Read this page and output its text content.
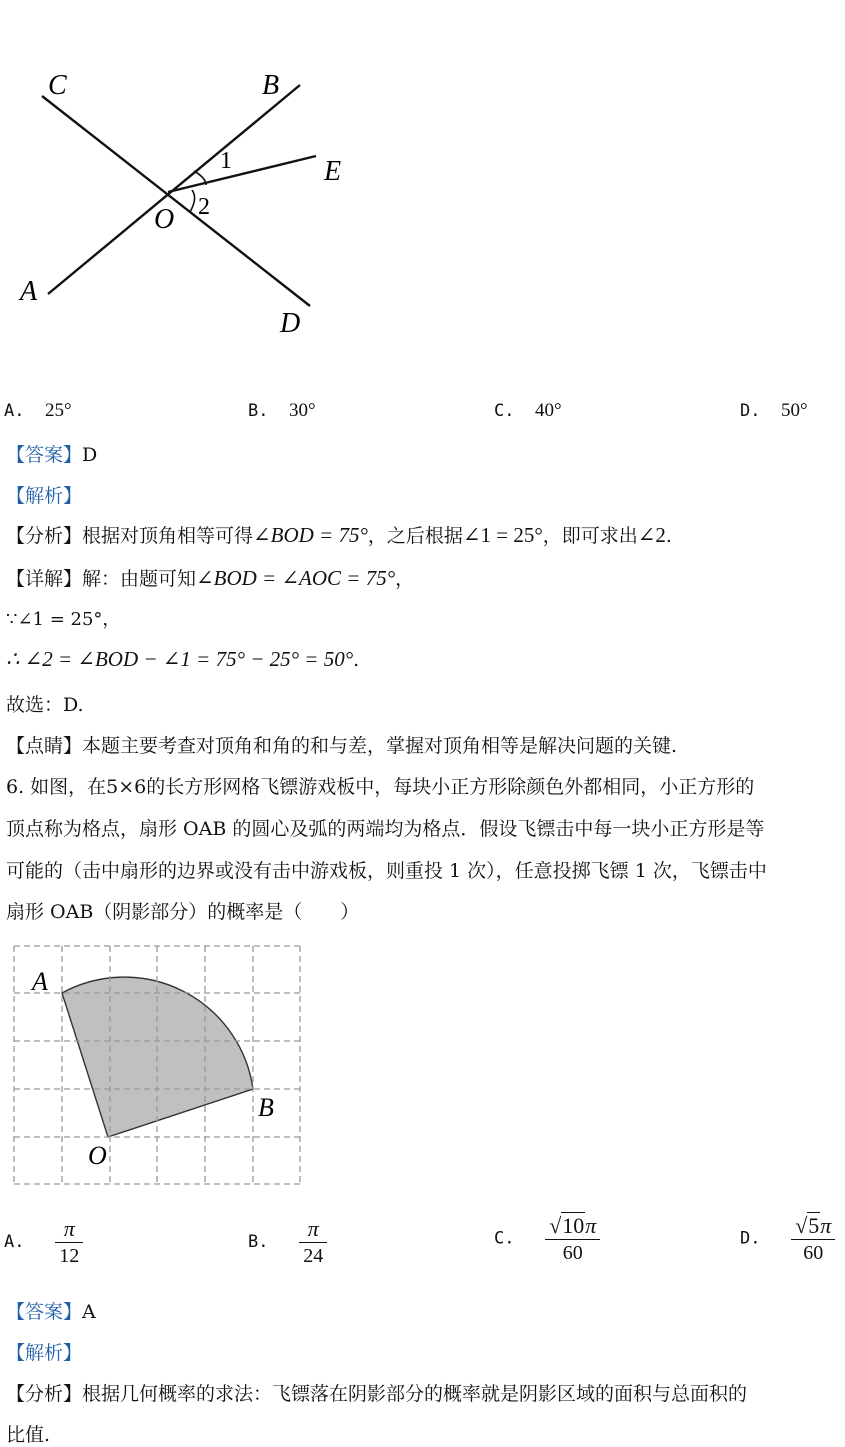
C	B
E
O
A
D
1
2
A. 25°	B. 30°	C. 40°	D. 50°
【答案】D
【解析】
【分析】根据对顶角相等可得∠BOD = 75°，之后根据∠1 = 25°，即可求出∠2.
【详解】解：由题可知∠BOD = ∠AOC = 75°，
∵∠1 = 25°，
∴ ∠2 = ∠BOD − ∠1 = 75° − 25° = 50°.
故选：D.
【点睛】本题主要考查对顶角和角的和与差，掌握对顶角相等是解决问题的关键.
6. 如图，在5×6的长方形网格飞镖游戏板中，每块小正方形除颜色外都相同，小正方形的
顶点称为格点，扇形 OAB 的圆心及弧的两端均为格点．假设飞镖击中每一块小正方形是等
可能的（击中扇形的边界或没有击中游戏板，则重投 1 次），任意投掷飞镖 1 次，飞镖击中
扇形 OAB（阴影部分）的概率是（　　）
A
B
O
A. $\frac{\pi}{12}$	B. $\frac{\pi}{24}$	C. $\frac{√10\pi}{60}$	D. $\frac{√5\pi}{60}$
【答案】A
【解析】
【分析】根据几何概率的求法：飞镖落在阴影部分的概率就是阴影区域的面积与总面积的
比值.
